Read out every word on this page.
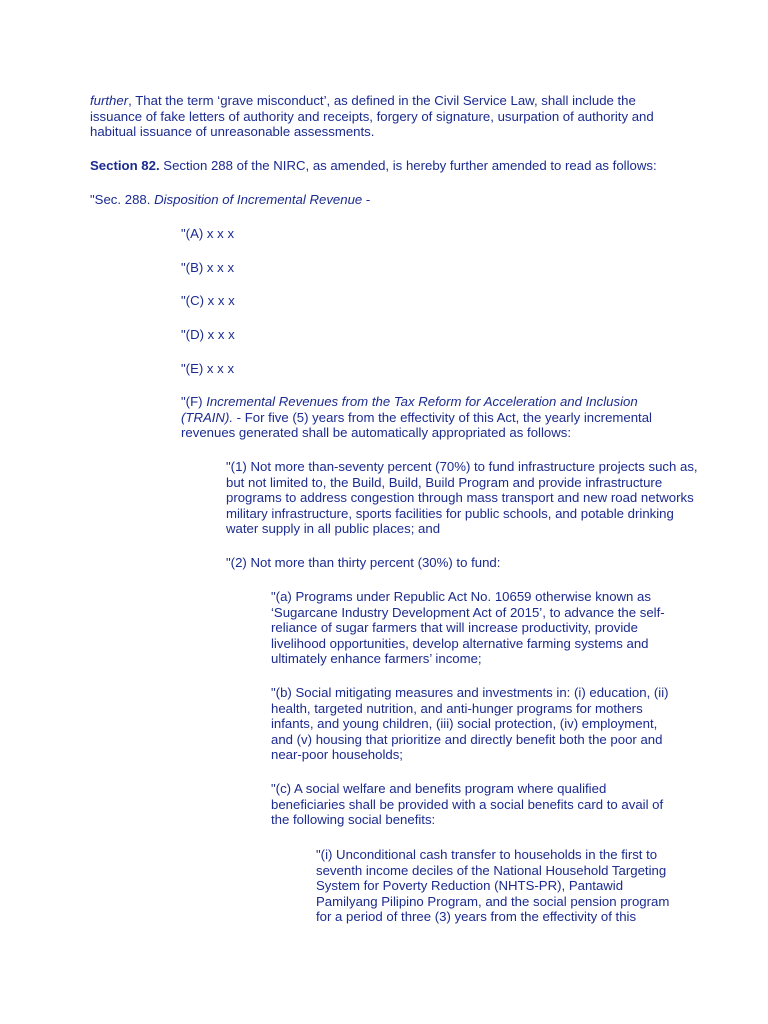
further, That the term ‘grave misconduct’, as defined in the Civil Service Law, shall include the issuance of fake letters of authority and receipts, forgery of signature, usurpation of authority and habitual issuance of unreasonable assessments.

Section 82. Section 288 of the NIRC, as amended, is hereby further amended to read as follows:

"Sec. 288. Disposition of Incremental Revenue -

"(A) x x x

"(B) x x x

"(C) x x x

"(D) x x x

"(E) x x x

"(F) Incremental Revenues from the Tax Reform for Acceleration and Inclusion (TRAIN). - For five (5) years from the effectivity of this Act, the yearly incremental revenues generated shall be automatically appropriated as follows:

"(1) Not more than-seventy percent (70%) to fund infrastructure projects such as, but not limited to, the Build, Build, Build Program and provide infrastructure programs to address congestion through mass transport and new road networks military infrastructure, sports facilities for public schools, and potable drinking water supply in all public places; and

"(2) Not more than thirty percent (30%) to fund:

"(a) Programs under Republic Act No. 10659 otherwise known as ‘Sugarcane Industry Development Act of 2015’, to advance the self-reliance of sugar farmers that will increase productivity, provide livelihood opportunities, develop alternative farming systems and ultimately enhance farmers’ income;

"(b) Social mitigating measures and investments in: (i) education, (ii) health, targeted nutrition, and anti-hunger programs for mothers infants, and young children, (iii) social protection, (iv) employment, and (v) housing that prioritize and directly benefit both the poor and near-poor households;

"(c) A social welfare and benefits program where qualified beneficiaries shall be provided with a social benefits card to avail of the following social benefits:

"(i) Unconditional cash transfer to households in the first to seventh income deciles of the National Household Targeting System for Poverty Reduction (NHTS-PR), Pantawid Pamilyang Pilipino Program, and the social pension program for a period of three (3) years from the effectivity of this
